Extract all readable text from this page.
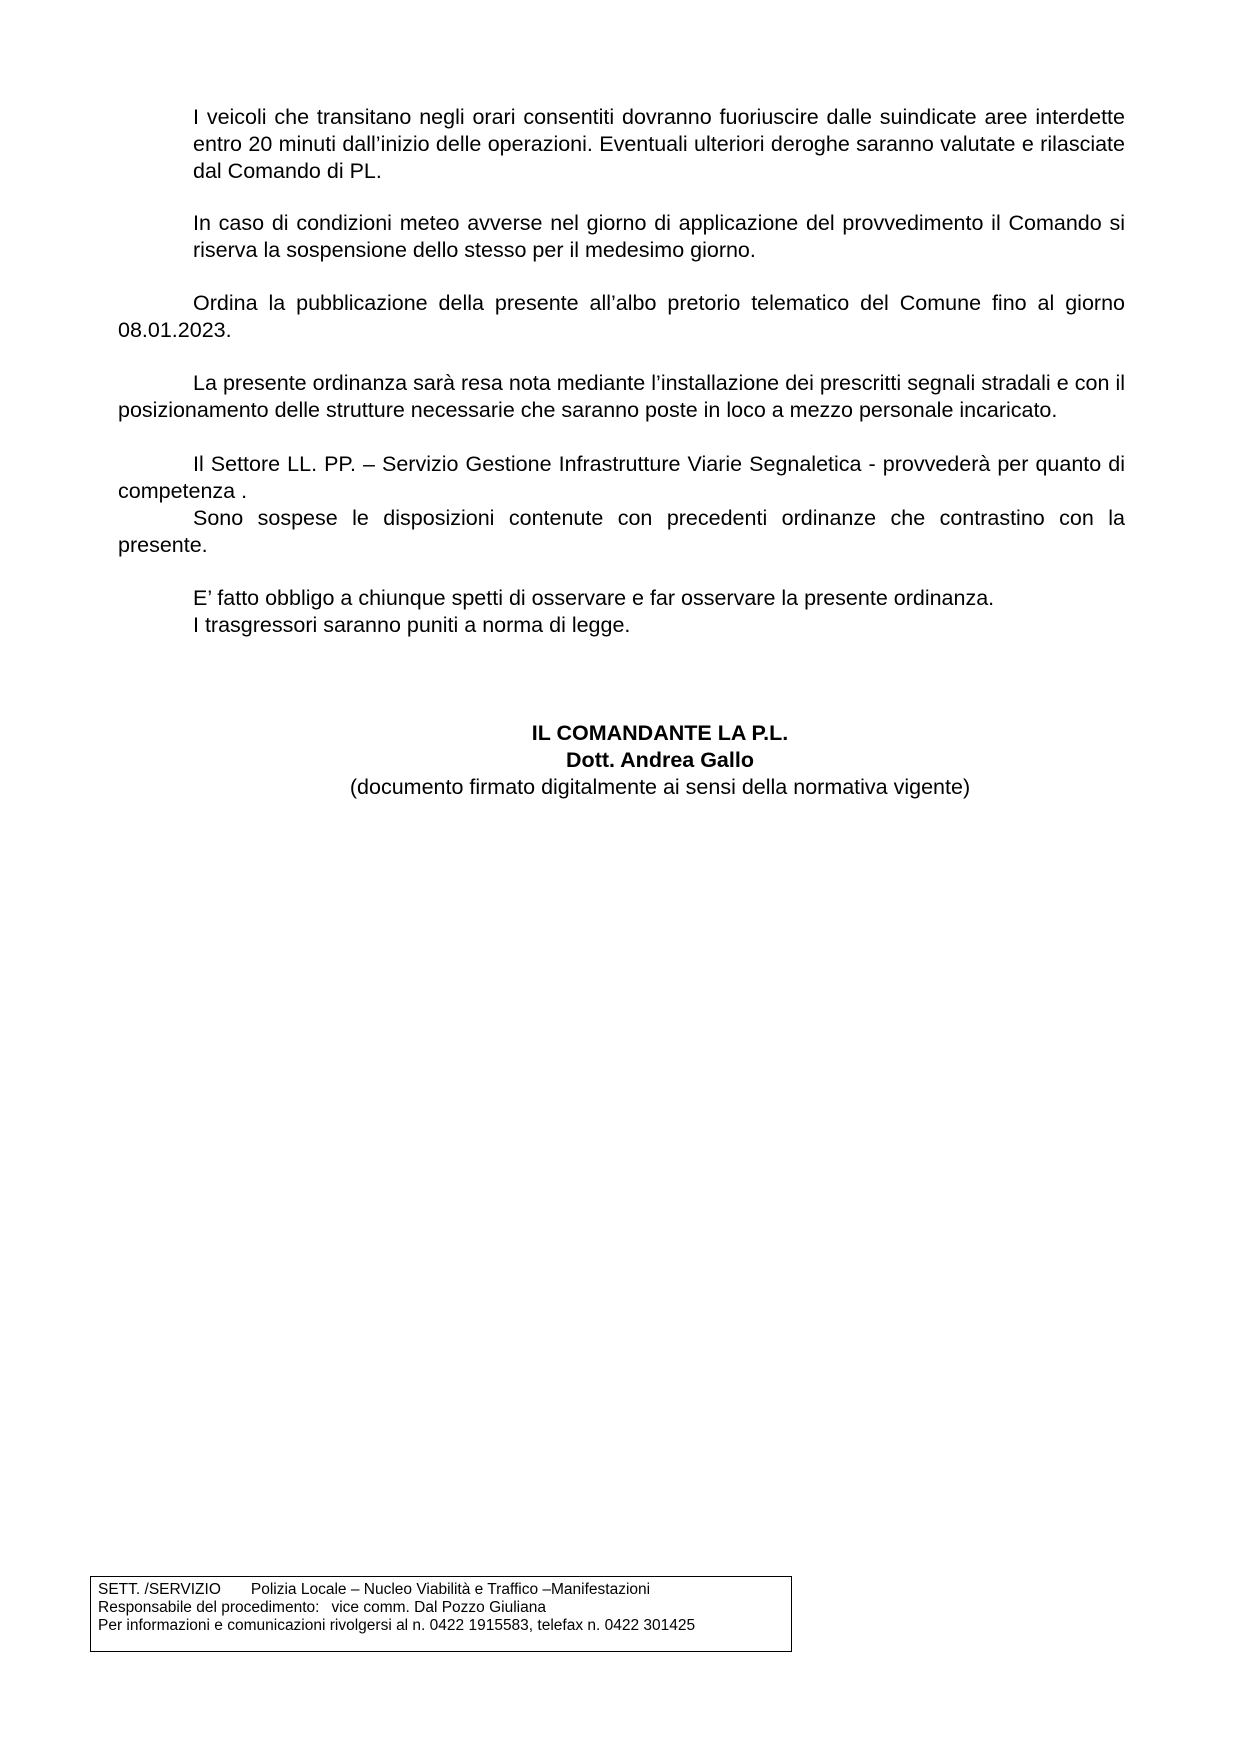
I veicoli che transitano negli orari consentiti dovranno fuoriuscire dalle suindicate aree interdette entro 20 minuti dall’inizio delle operazioni. Eventuali ulteriori deroghe saranno valutate e rilasciate dal Comando di PL.

In caso di condizioni meteo avverse nel giorno di applicazione del provvedimento il Comando si riserva la sospensione dello stesso per il medesimo giorno.

Ordina la pubblicazione della presente all’albo pretorio telematico del Comune fino al giorno 08.01.2023.

La presente ordinanza sarà resa nota mediante l’installazione dei prescritti segnali stradali e con il posizionamento delle strutture necessarie che saranno poste in loco a mezzo personale incaricato.

Il Settore LL. PP. – Servizio Gestione Infrastrutture Viarie Segnaletica - provvederà per quanto di competenza .

Sono sospese le disposizioni contenute con precedenti ordinanze che contrastino con la presente.

E’ fatto obbligo a chiunque spetti di osservare e far osservare la presente ordinanza.

I trasgressori saranno puniti a norma di legge.

IL COMANDANTE LA P.L.
Dott. Andrea Gallo
(documento firmato digitalmente ai sensi della normativa vigente)
SETT. /SERVIZIO Polizia Locale – Nucleo Viabilità e Traffico –Manifestazioni
Responsabile del procedimento: vice comm. Dal Pozzo Giuliana
Per informazioni e comunicazioni rivolgersi al n. 0422 1915583, telefax n. 0422 301425
